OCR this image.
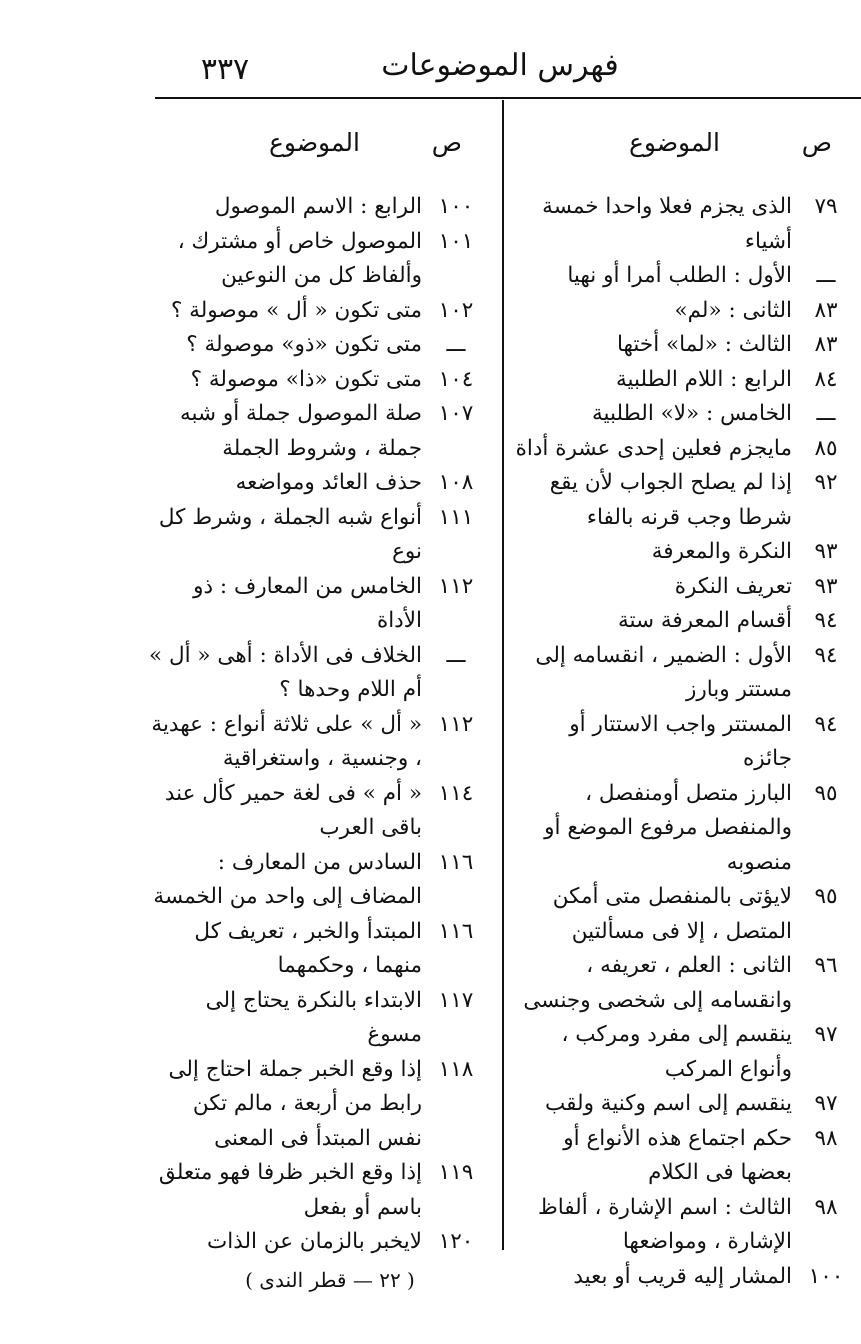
فهرس الموضوعات
٣٣٧
ص
الموضوع
ص
الموضوع
٧٩
الذى يجزم فعلا واحدا خمسة أشياء
ـــ
الأول : الطلب أمرا أو نهيا
٨٣
الثانى : «لم»
٨٣
الثالث : «لما» أختها
٨٤
الرابع : اللام الطلبية
ـــ
الخامس : «لا» الطلبية
٨٥
مايجزم فعلين إحدى عشرة أداة
٩٢
إذا لم يصلح الجواب لأن يقع شرطا وجب قرنه بالفاء
٩٣
النكرة والمعرفة
٩٣
تعريف النكرة
٩٤
أقسام المعرفة ستة
٩٤
الأول : الضمير ، انقسامه إلى مستتر وبارز
٩٤
المستتر واجب الاستتار أو جائزه
٩٥
البارز متصل أومنفصل ، والمنفصل مرفوع الموضع أو منصوبه
٩٥
لايؤتى بالمنفصل متى أمكن المتصل ، إلا فى مسألتين
٩٦
الثانى : العلم ، تعريفه ، وانقسامه إلى شخصى وجنسى
٩٧
ينقسم إلى مفرد ومركب ، وأنواع المركب
٩٧
ينقسم إلى اسم وكنية ولقب
٩٨
حكم اجتماع هذه الأنواع أو بعضها فى الكلام
٩٨
الثالث : اسم الإشارة ، ألفاظ الإشارة ، ومواضعها
١٠٠
المشار إليه قريب أو بعيد
١٠٠
الرابع : الاسم الموصول
١٠١
الموصول خاص أو مشترك ، وألفاظ كل من النوعين
١٠٢
متى تكون « أل » موصولة ؟
ـــ
متى تكون «ذو» موصولة ؟
١٠٤
متى تكون «ذا» موصولة ؟
١٠٧
صلة الموصول جملة أو شبه جملة ، وشروط الجملة
١٠٨
حذف العائد ومواضعه
١١١
أنواع شبه الجملة ، وشرط كل نوع
١١٢
الخامس من المعارف : ذو الأداة
ـــ
الخلاف فى الأداة : أهى « أل » أم اللام وحدها ؟
١١٢
« أل » على ثلاثة أنواع : عهدية ، وجنسية ، واستغراقية
١١٤
« أم » فى لغة حمير كأل عند باقى العرب
١١٦
السادس من المعارف : المضاف إلى واحد من الخمسة
١١٦
المبتدأ والخبر ، تعريف كل منهما ، وحكمهما
١١٧
الابتداء بالنكرة يحتاج إلى مسوغ
١١٨
إذا وقع الخبر جملة احتاج إلى رابط من أربعة ، مالم تكن نفس المبتدأ فى المعنى
١١٩
إذا وقع الخبر ظرفا فهو متعلق باسم أو بفعل
١٢٠
لايخبر بالزمان عن الذات
( ٢٢ — قطر الندى )
